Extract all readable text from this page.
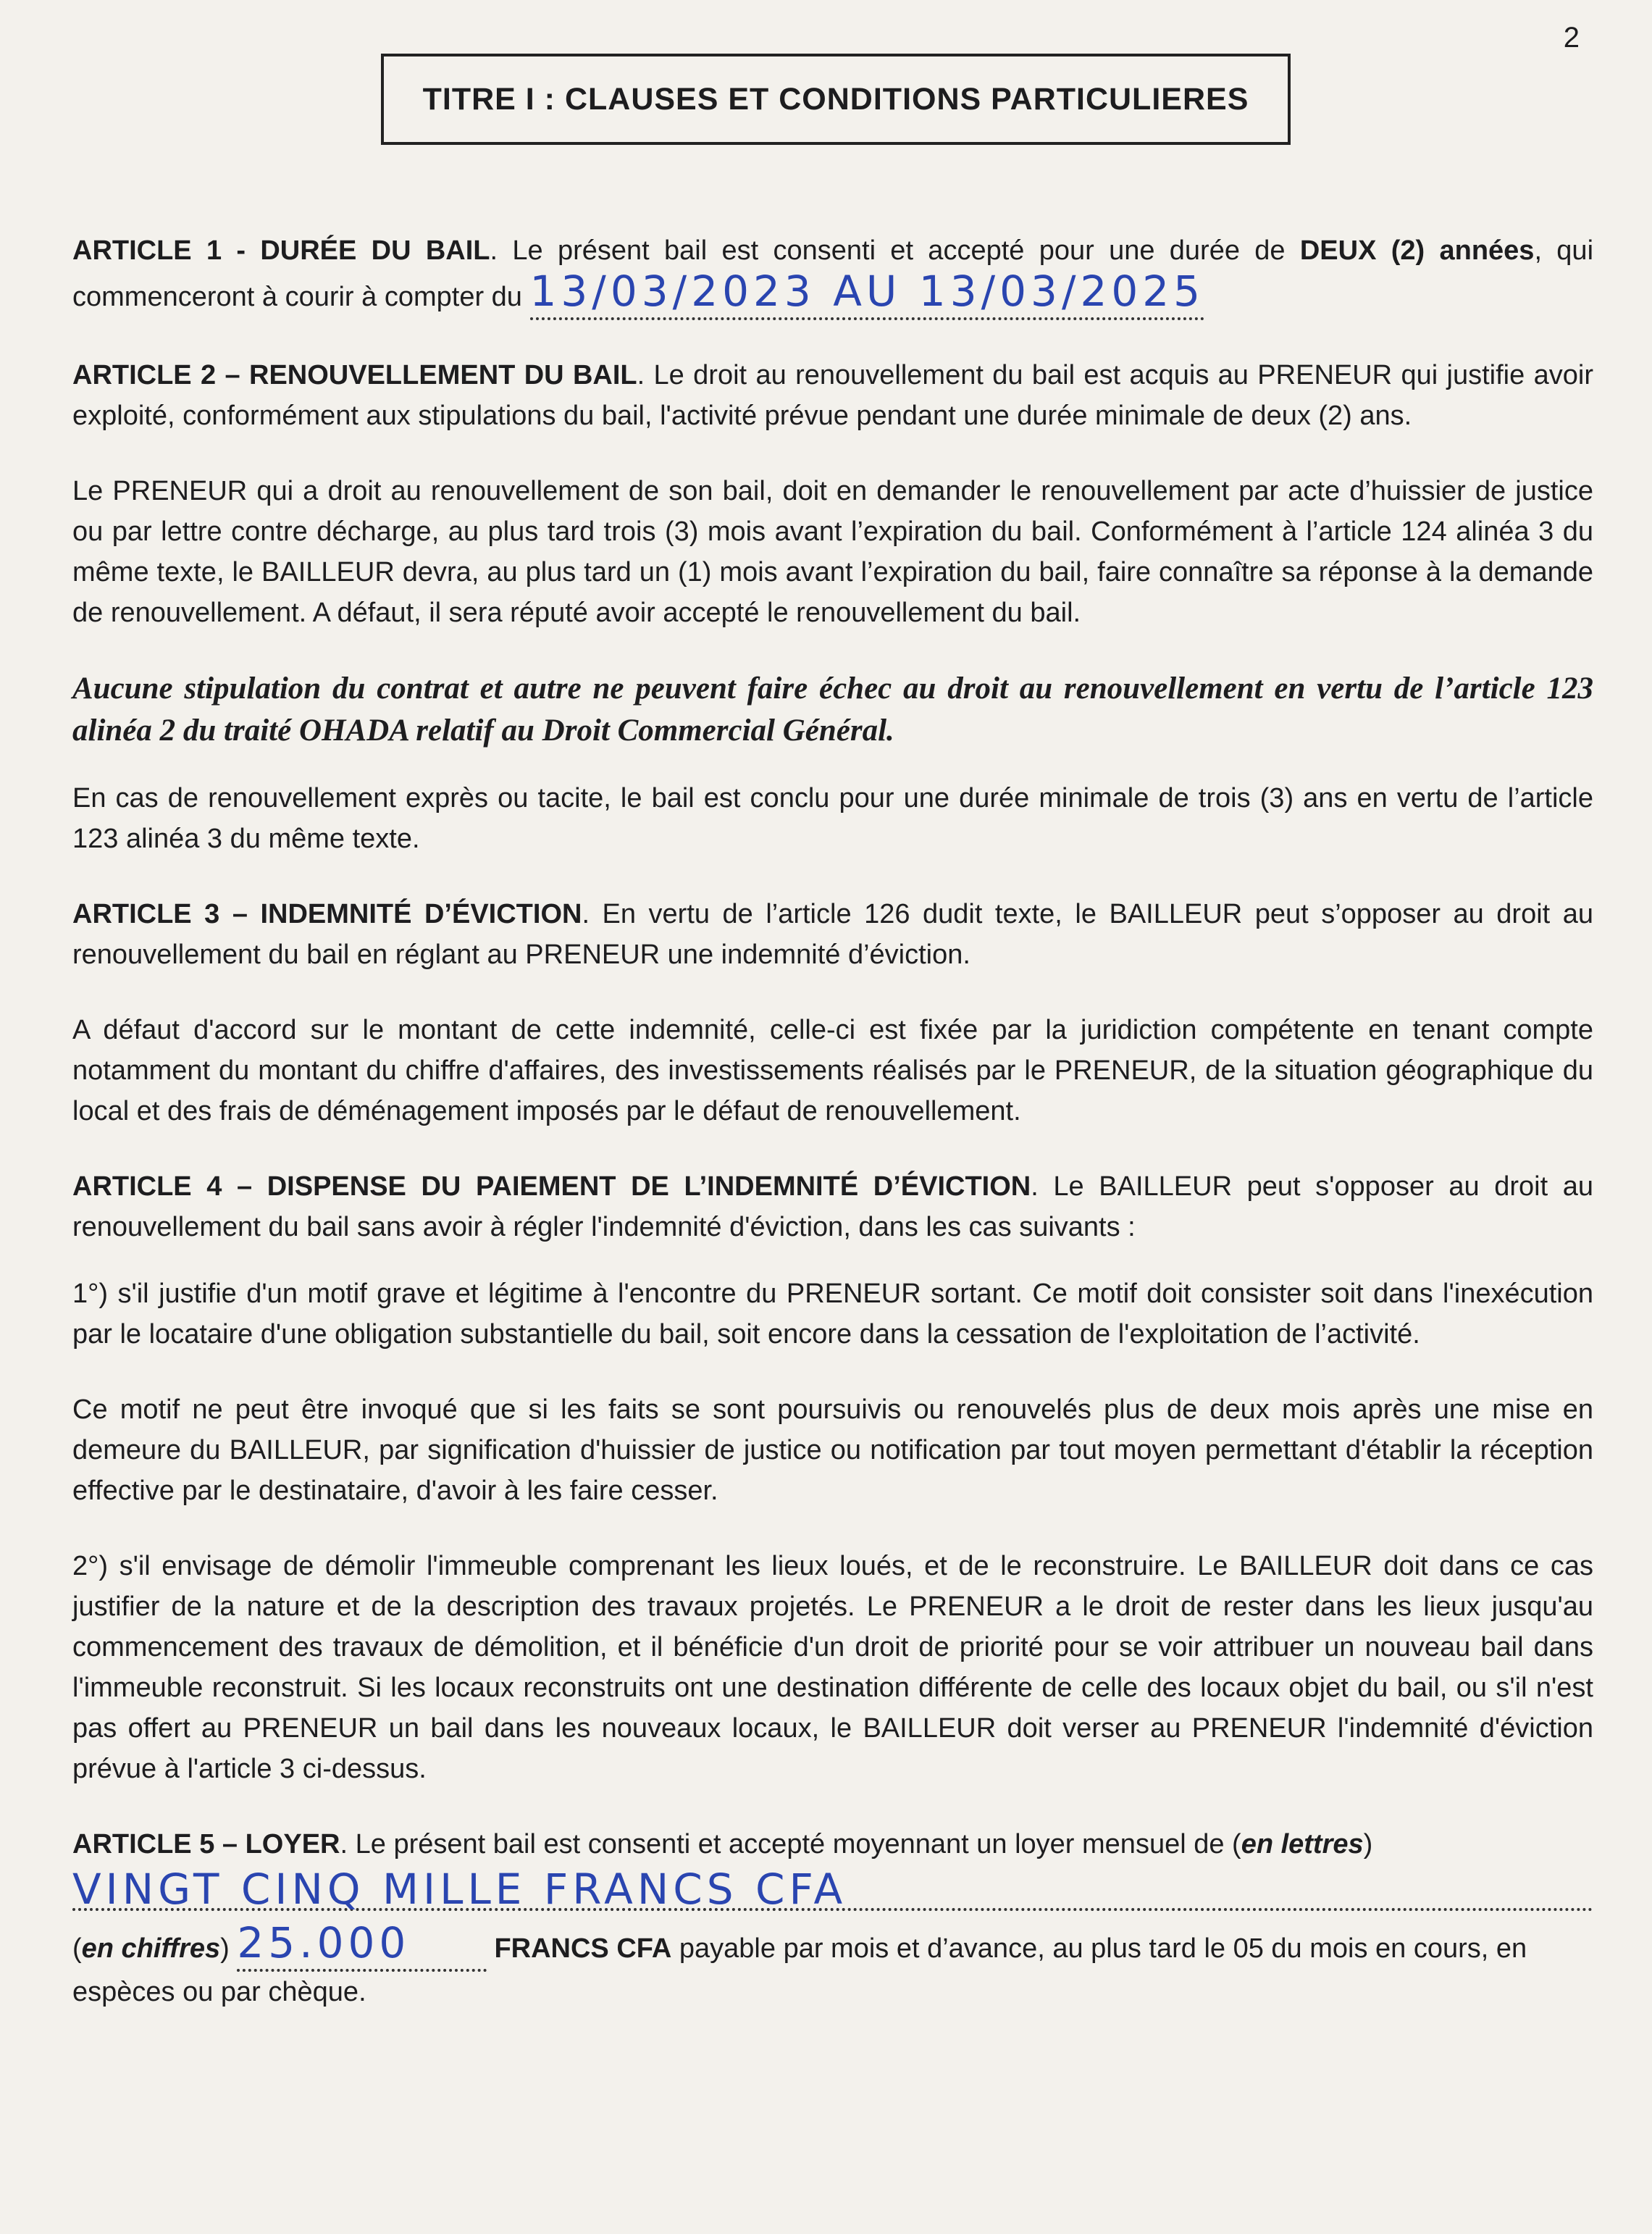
2
TITRE I : CLAUSES ET CONDITIONS PARTICULIERES

ARTICLE 1 - DURÉE DU BAIL. Le présent bail est consenti et accepté pour une durée de DEUX (2) années, qui commenceront à courir à compter du 13/03/2023 AU 13/03/2025

ARTICLE 2 – RENOUVELLEMENT DU BAIL. Le droit au renouvellement du bail est acquis au PRENEUR qui justifie avoir exploité, conformément aux stipulations du bail, l'activité prévue pendant une durée minimale de deux (2) ans.

Le PRENEUR qui a droit au renouvellement de son bail, doit en demander le renouvellement par acte d’huissier de justice ou par lettre contre décharge, au plus tard trois (3) mois avant l’expiration du bail. Conformément à l’article 124 alinéa 3 du même texte, le BAILLEUR devra, au plus tard un (1) mois avant l’expiration du bail, faire connaître sa réponse à la demande de renouvellement. A défaut, il sera réputé avoir accepté le renouvellement du bail.

Aucune stipulation du contrat et autre ne peuvent faire échec au droit au renouvellement en vertu de l’article 123 alinéa 2 du traité OHADA relatif au Droit Commercial Général.

En cas de renouvellement exprès ou tacite, le bail est conclu pour une durée minimale de trois (3) ans en vertu de l’article 123 alinéa 3 du même texte.

ARTICLE 3 – INDEMNITÉ D’ÉVICTION. En vertu de l’article 126 dudit texte, le BAILLEUR peut s’opposer au droit au renouvellement du bail en réglant au PRENEUR une indemnité d’éviction.

A défaut d'accord sur le montant de cette indemnité, celle-ci est fixée par la juridiction compétente en tenant compte notamment du montant du chiffre d'affaires, des investissements réalisés par le PRENEUR, de la situation géographique du local et des frais de déménagement imposés par le défaut de renouvellement.

ARTICLE 4 – DISPENSE DU PAIEMENT DE L’INDEMNITÉ D’ÉVICTION. Le BAILLEUR peut s'opposer au droit au renouvellement du bail sans avoir à régler l'indemnité d'éviction, dans les cas suivants :

1°) s'il justifie d'un motif grave et légitime à l'encontre du PRENEUR sortant. Ce motif doit consister soit dans l'inexécution par le locataire d'une obligation substantielle du bail, soit encore dans la cessation de l'exploitation de l’activité.

Ce motif ne peut être invoqué que si les faits se sont poursuivis ou renouvelés plus de deux mois après une mise en demeure du BAILLEUR, par signification d'huissier de justice ou notification par tout moyen permettant d'établir la réception effective par le destinataire, d'avoir à les faire cesser.

2°) s'il envisage de démolir l'immeuble comprenant les lieux loués, et de le reconstruire. Le BAILLEUR doit dans ce cas justifier de la nature et de la description des travaux projetés. Le PRENEUR a le droit de rester dans les lieux jusqu'au commencement des travaux de démolition, et il bénéficie d'un droit de priorité pour se voir attribuer un nouveau bail dans l'immeuble reconstruit. Si les locaux reconstruits ont une destination différente de celle des locaux objet du bail, ou s'il n'est pas offert au PRENEUR un bail dans les nouveaux locaux, le BAILLEUR doit verser au PRENEUR l'indemnité d'éviction prévue à l'article 3 ci-dessus.

ARTICLE 5 – LOYER. Le présent bail est consenti et accepté moyennant un loyer mensuel de (en lettres)

VINGT CINQ MILLE FRANCS CFA

(en chiffres) 25.000	FRANCS CFA payable par mois et d’avance, au plus tard le 05 du mois en cours, en espèces ou par chèque.
